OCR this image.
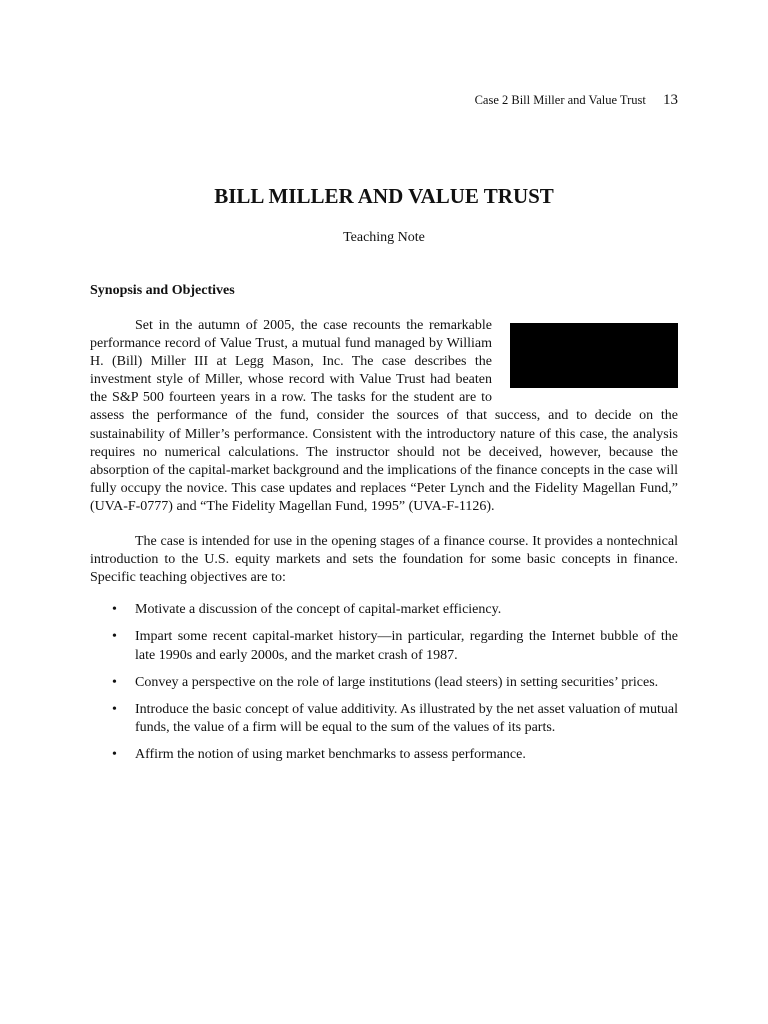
Case 2 Bill Miller and Value Trust 13
BILL MILLER AND VALUE TRUST
Teaching Note
Synopsis and Objectives

Set in the autumn of 2005, the case recounts the remarkable performance record of Value Trust, a mutual fund managed by William H. (Bill) Miller III at Legg Mason, Inc. The case describes the investment style of Miller, whose record with Value Trust had beaten the S&P 500 fourteen years in a row. The tasks for the student are to assess the performance of the fund, consider the sources of that success, and to decide on the sustainability of Miller’s performance. Consistent with the introductory nature of this case, the analysis requires no numerical calculations. The instructor should not be deceived, however, because the absorption of the capital-market background and the implications of the finance concepts in the case will fully occupy the novice. This case updates and replaces “Peter Lynch and the Fidelity Magellan Fund,” (UVA-F-0777) and “The Fidelity Magellan Fund, 1995” (UVA-F-1126).

The case is intended for use in the opening stages of a finance course. It provides a nontechnical introduction to the U.S. equity markets and sets the foundation for some basic concepts in finance. Specific teaching objectives are to:

• Motivate a discussion of the concept of capital-market efficiency.
• Impart some recent capital-market history—in particular, regarding the Internet bubble of the late 1990s and early 2000s, and the market crash of 1987.
• Convey a perspective on the role of large institutions (lead steers) in setting securities’ prices.
• Introduce the basic concept of value additivity. As illustrated by the net asset valuation of mutual funds, the value of a firm will be equal to the sum of the values of its parts.
• Affirm the notion of using market benchmarks to assess performance.
